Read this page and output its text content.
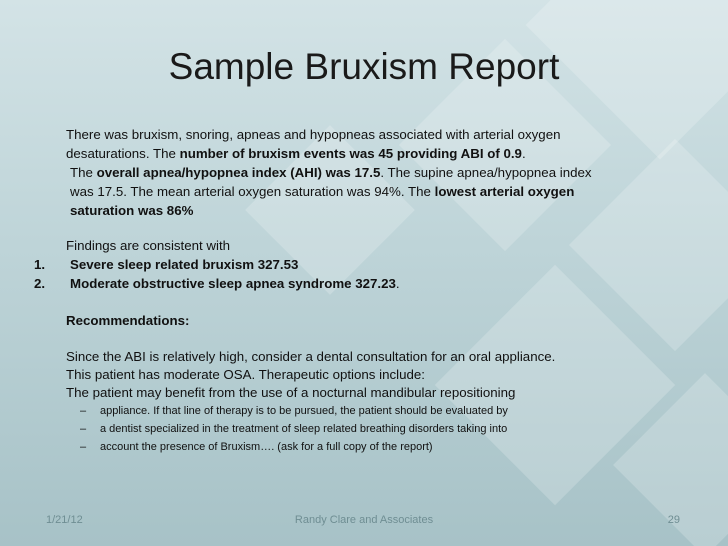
Sample Bruxism Report
There was bruxism, snoring, apneas and hypopneas associated with arterial oxygen
desaturations. The number of bruxism events was 45 providing ABI of 0.9.
The overall apnea/hypopnea index (AHI) was 17.5. The supine apnea/hypopnea index
was 17.5. The mean arterial oxygen saturation was 94%. The lowest arterial oxygen
saturation was 86%
Findings are consistent with
1. Severe sleep related bruxism 327.53
2. Moderate obstructive sleep apnea syndrome 327.23.
Recommendations:
Since the ABI is relatively high, consider a dental consultation for an oral appliance.
This patient has moderate OSA. Therapeutic options include:
The patient may benefit from the use of a nocturnal mandibular repositioning
– appliance. If that line of therapy is to be pursued, the patient should be evaluated by
– a dentist specialized in the treatment of sleep related breathing disorders taking into
– account the presence of Bruxism…. (ask for a full copy of the report)
1/21/12	Randy Clare and Associates	29
